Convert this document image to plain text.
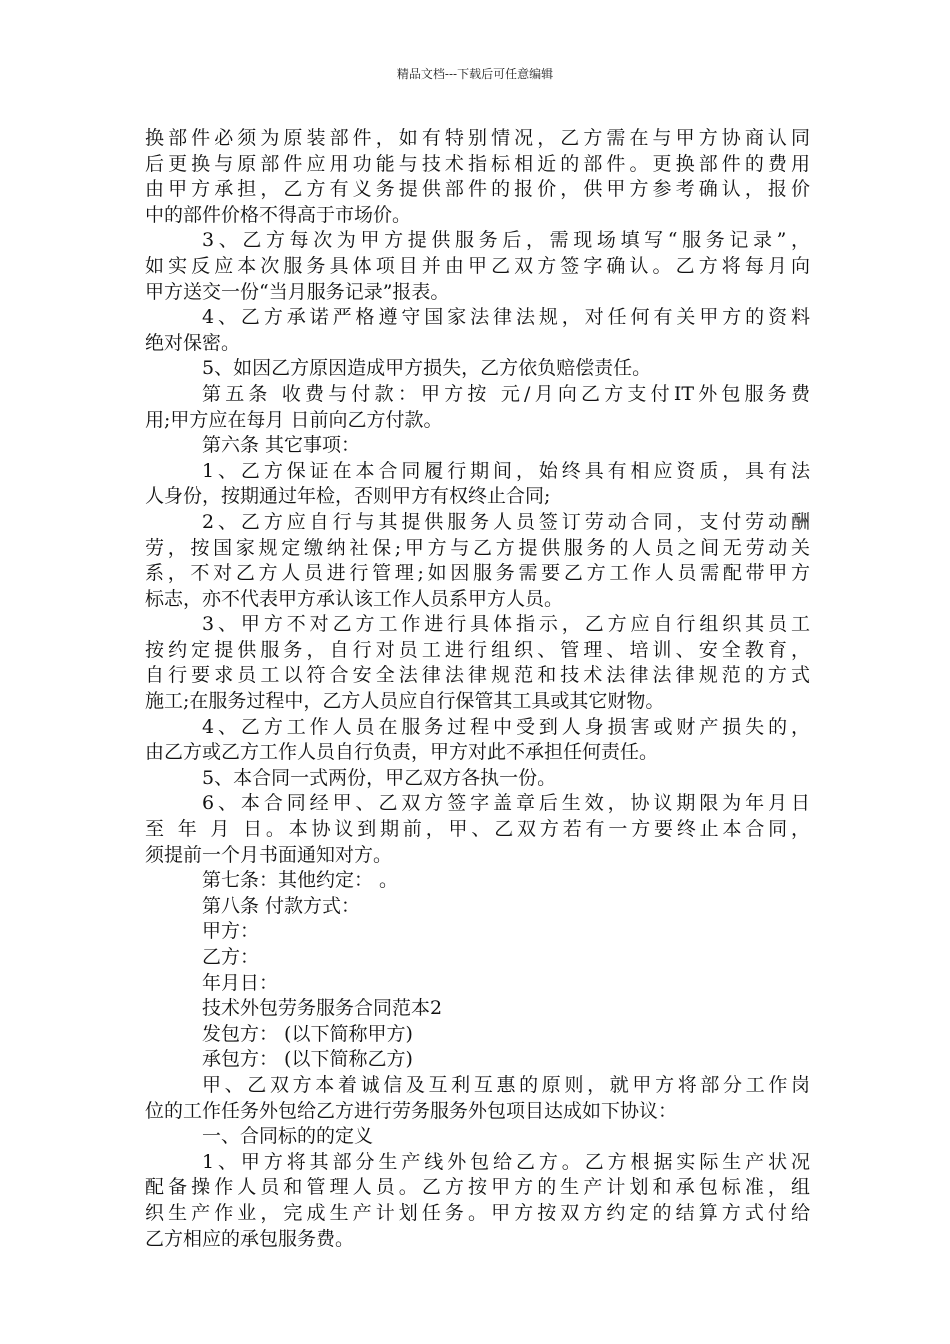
精品文档---下载后可任意编辑
换部件必须为原装部件，如有特别情况，乙方需在与甲方协商认同
后更换与原部件应用功能与技术指标相近的部件。更换部件的费用
由甲方承担，乙方有义务提供部件的报价，供甲方参考确认，报价
中的部件价格不得高于市场价。
3、乙方每次为甲方提供服务后，需现场填写“服务记录”，
如实反应本次服务具体项目并由甲乙双方签字确认。乙方将每月向
甲方送交一份“当月服务记录”报表。
4、乙方承诺严格遵守国家法律法规，对任何有关甲方的资料
绝对保密。
5、如因乙方原因造成甲方损失，乙方依负赔偿责任。
第五条 收费与付款：甲方按 元/月向乙方支付IT外包服务费
用;甲方应在每月 日前向乙方付款。
第六条 其它事项：
1、乙方保证在本合同履行期间，始终具有相应资质，具有法
人身份，按期通过年检，否则甲方有权终止合同;
2、乙方应自行与其提供服务人员签订劳动合同，支付劳动酬
劳，按国家规定缴纳社保;甲方与乙方提供服务的人员之间无劳动关
系，不对乙方人员进行管理;如因服务需要乙方工作人员需配带甲方
标志，亦不代表甲方承认该工作人员系甲方人员。
3、甲方不对乙方工作进行具体指示，乙方应自行组织其员工
按约定提供服务，自行对员工进行组织、管理、培训、安全教育，
自行要求员工以符合安全法律法律规范和技术法律法律规范的方式
施工;在服务过程中，乙方人员应自行保管其工具或其它财物。
4、乙方工作人员在服务过程中受到人身损害或财产损失的，
由乙方或乙方工作人员自行负责，甲方对此不承担任何责任。
5、本合同一式两份，甲乙双方各执一份。
6、本合同经甲、乙双方签字盖章后生效，协议期限为年月日
至 年 月 日。本协议到期前，甲、乙双方若有一方要终止本合同，
须提前一个月书面通知对方。
第七条：其他约定： 。
第八条 付款方式：
甲方：
乙方：
年月日：
技术外包劳务服务合同范本2
发包方： (以下简称甲方)
承包方： (以下简称乙方)
甲、乙双方本着诚信及互利互惠的原则，就甲方将部分工作岗
位的工作任务外包给乙方进行劳务服务外包项目达成如下协议：
一、合同标的的定义
1、甲方将其部分生产线外包给乙方。乙方根据实际生产状况
配备操作人员和管理人员。乙方按甲方的生产计划和承包标准，组
织生产作业，完成生产计划任务。甲方按双方约定的结算方式付给
乙方相应的承包服务费。
